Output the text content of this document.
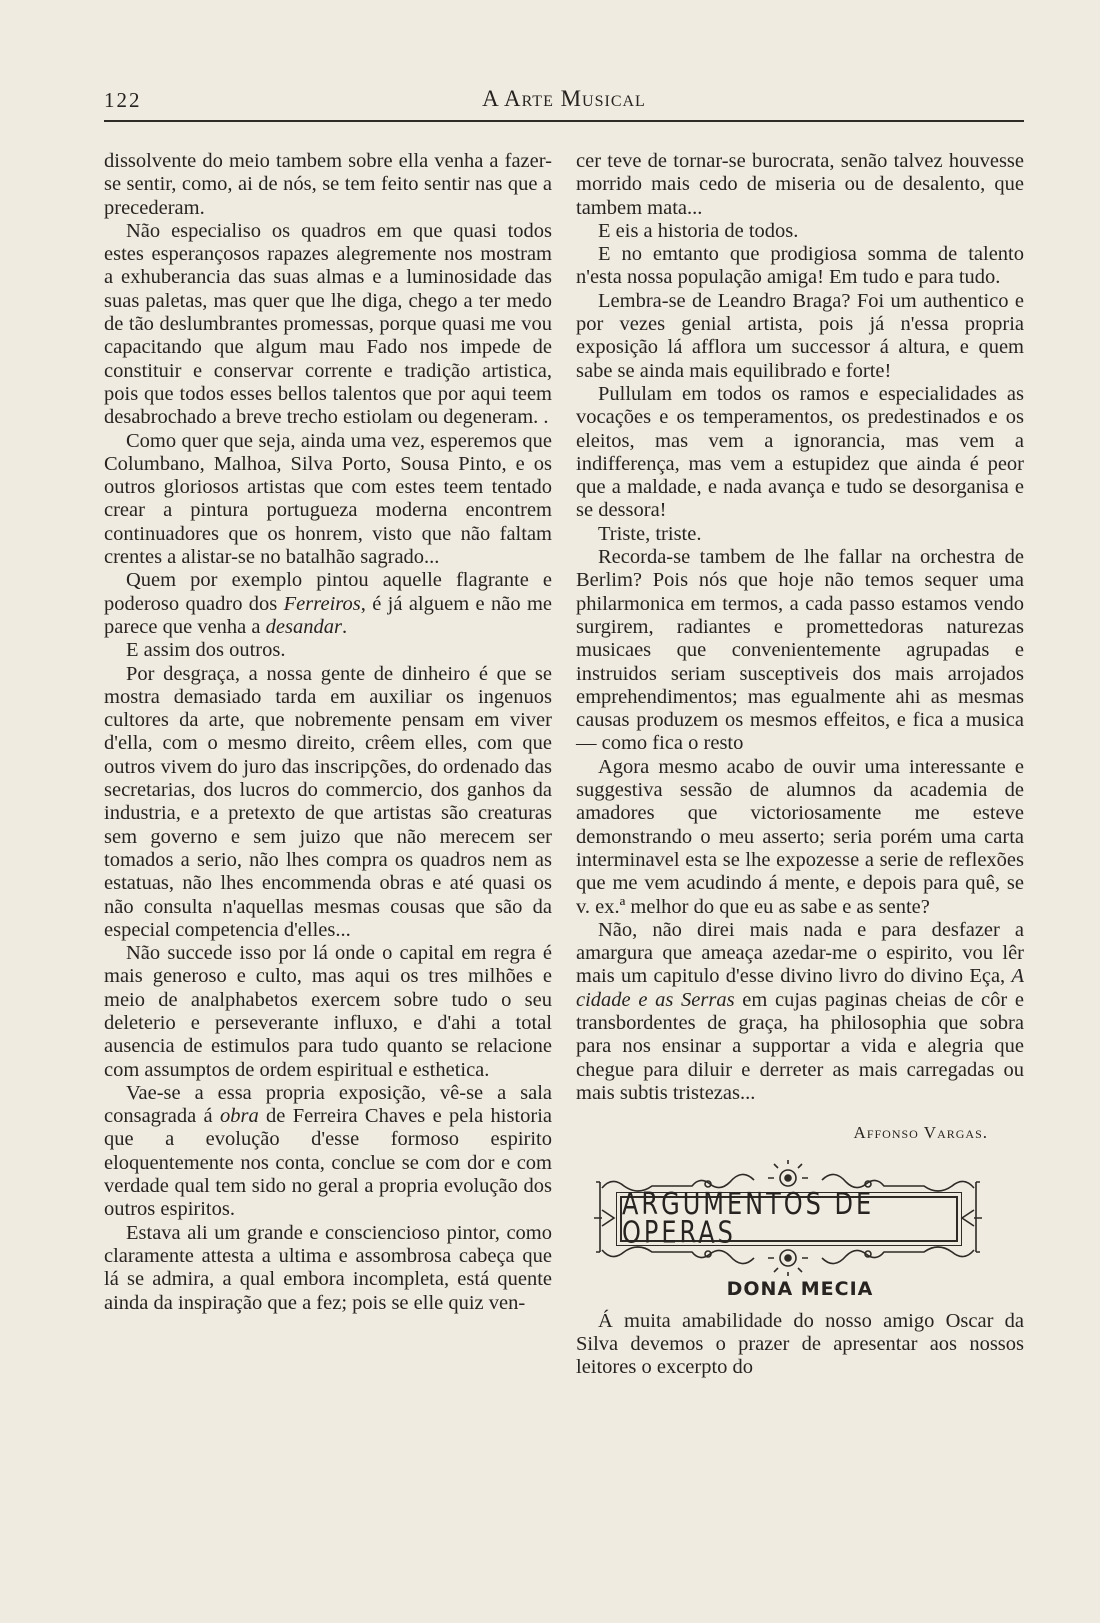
122	A Arte Musical

dissolvente do meio tambem sobre ella venha a fazer-se sentir, como, ai de nós, se tem feito sentir nas que a precederam.

Não especialiso os quadros em que quasi todos estes esperançosos rapazes alegremente nos mostram a exhuberancia das suas almas e a luminosidade das suas paletas, mas quer que lhe diga, chego a ter medo de tão deslumbrantes promessas, porque quasi me vou capacitando que algum mau Fado nos impede de constituir e conservar corrente e tradição artistica, pois que todos esses bellos talentos que por aqui teem desabrochado a breve trecho estiolam ou degeneram. .

Como quer que seja, ainda uma vez, esperemos que Columbano, Malhoa, Silva Porto, Sousa Pinto, e os outros gloriosos artistas que com estes teem tentado crear a pintura portugueza moderna encontrem continuadores que os honrem, visto que não faltam crentes a alistar-se no batalhão sagrado...

Quem por exemplo pintou aquelle flagrante e poderoso quadro dos Ferreiros, é já alguem e não me parece que venha a desandar.

E assim dos outros.

Por desgraça, a nossa gente de dinheiro é que se mostra demasiado tarda em auxiliar os ingenuos cultores da arte, que nobremente pensam em viver d'ella, com o mesmo direito, crêem elles, com que outros vivem do juro das inscripções, do ordenado das secretarias, dos lucros do commercio, dos ganhos da industria, e a pretexto de que artistas são creaturas sem governo e sem juizo que não merecem ser tomados a serio, não lhes compra os quadros nem as estatuas, não lhes encommenda obras e até quasi os não consulta n'aquellas mesmas cousas que são da especial competencia d'elles...

Não succede isso por lá onde o capital em regra é mais generoso e culto, mas aqui os tres milhões e meio de analphabetos exercem sobre tudo o seu deleterio e perseverante influxo, e d'ahi a total ausencia de estimulos para tudo quanto se relacione com assumptos de ordem espiritual e esthetica.

Vae-se a essa propria exposição, vê-se a sala consagrada á obra de Ferreira Chaves e pela historia que a evolução d'esse formoso espirito eloquentemente nos conta, conclue se com dor e com verdade qual tem sido no geral a propria evolução dos outros espiritos.

Estava ali um grande e consciencioso pintor, como claramente attesta a ultima e assombrosa cabeça que lá se admira, a qual embora incompleta, está quente ainda da inspiração que a fez; pois se elle quiz ven-

cer teve de tornar-se burocrata, senão talvez houvesse morrido mais cedo de miseria ou de desalento, que tambem mata...

E eis a historia de todos.

E no emtanto que prodigiosa somma de talento n'esta nossa população amiga! Em tudo e para tudo.

Lembra-se de Leandro Braga? Foi um authentico e por vezes genial artista, pois já n'essa propria exposição lá afflora um successor á altura, e quem sabe se ainda mais equilibrado e forte!

Pullulam em todos os ramos e especialidades as vocações e os temperamentos, os predestinados e os eleitos, mas vem a ignorancia, mas vem a indifferença, mas vem a estupidez que ainda é peor que a maldade, e nada avança e tudo se desorganisa e se dessora!

Triste, triste.

Recorda-se tambem de lhe fallar na orchestra de Berlim? Pois nós que hoje não temos sequer uma philarmonica em termos, a cada passo estamos vendo surgirem, radiantes e promettedoras naturezas musicaes que convenientemente agrupadas e instruidos seriam susceptiveis dos mais arrojados emprehendimentos; mas egualmente ahi as mesmas causas produzem os mesmos effeitos, e fica a musica — como fica o resto

Agora mesmo acabo de ouvir uma interessante e suggestiva sessão de alumnos da academia de amadores que victoriosamente me esteve demonstrando o meu asserto; seria porém uma carta interminavel esta se lhe expozesse a serie de reflexões que me vem acudindo á mente, e depois para quê, se v. ex.ª melhor do que eu as sabe e as sente?

Não, não direi mais nada e para desfazer a amargura que ameaça azedar-me o espirito, vou lêr mais um capitulo d'esse divino livro do divino Eça, A cidade e as Serras em cujas paginas cheias de côr e transbordentes de graça, ha philosophia que sobra para nos ensinar a supportar a vida e alegria que chegue para diluir e derreter as mais carregadas ou mais subtis tristezas...

Affonso Vargas.
ARGUMENTOS DE OPERAS
DONA MECIA

Á muita amabilidade do nosso amigo Oscar da Silva devemos o prazer de apresentar aos nossos leitores o excerpto do
